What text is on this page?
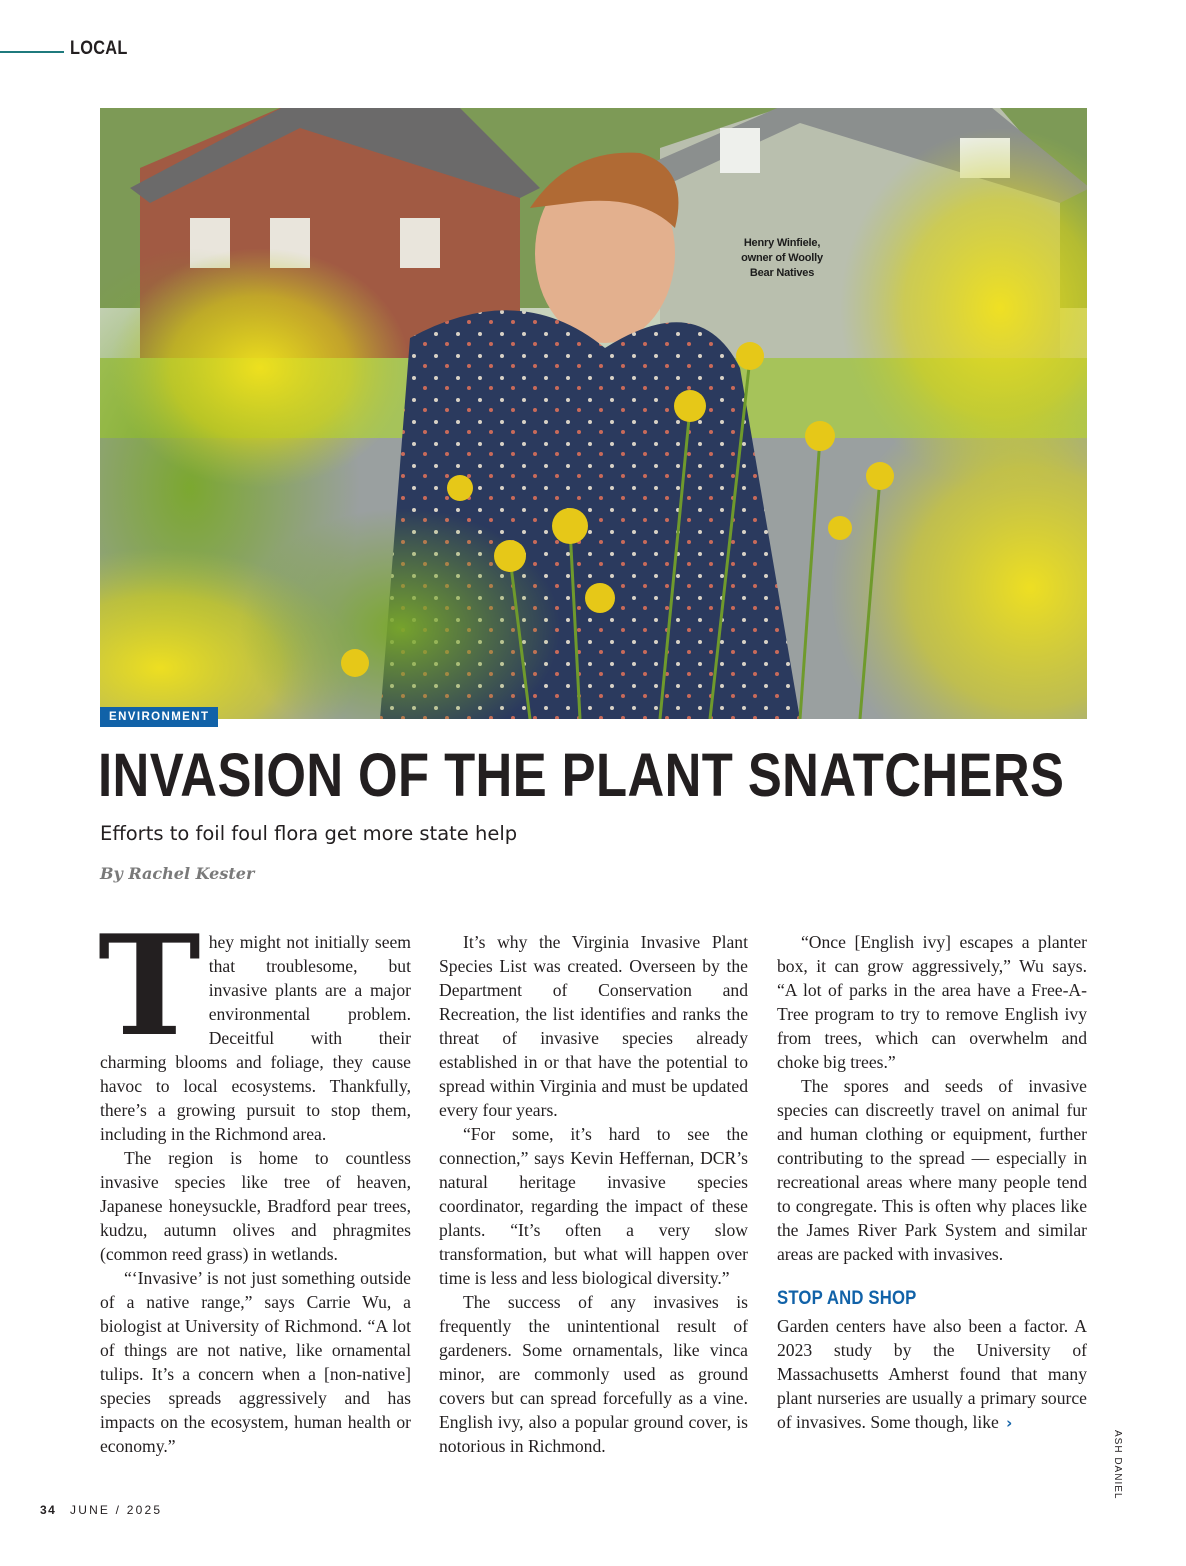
LOCAL
Henry Winfiele,
owner of Woolly
Bear Natives
ENVIRONMENT
INVASION OF THE PLANT SNATCHERS
Efforts to foil foul flora get more state help
By Rachel Kester

They might not initially seem that troublesome, but invasive plants are a major environmental problem. Deceitful with their charming blooms and foliage, they cause havoc to local ecosystems. Thankfully, there’s a growing pursuit to stop them, including in the Richmond area.

The region is home to countless invasive species like tree of heaven, Japanese honeysuckle, Bradford pear trees, kudzu, autumn olives and phragmites (common reed grass) in wetlands.

“‘Invasive’ is not just something outside of a native range,” says Carrie Wu, a biologist at University of Richmond. “A lot of things are not native, like ornamental tulips. It’s a concern when a [non-native] species spreads aggressively and has impacts on the ecosystem, human health or economy.”

It’s why the Virginia Invasive Plant Species List was created. Overseen by the Department of Conservation and Recreation, the list identifies and ranks the threat of invasive species already established in or that have the potential to spread within Virginia and must be updated every four years.

“For some, it’s hard to see the connection,” says Kevin Heffernan, DCR’s natural heritage invasive species coordinator, regarding the impact of these plants. “It’s often a very slow transformation, but what will happen over time is less and less biological diversity.”

The success of any invasives is frequently the unintentional result of gardeners. Some ornamentals, like vinca minor, are commonly used as ground covers but can spread forcefully as a vine. English ivy, also a popular ground cover, is notorious in Richmond.

“Once [English ivy] escapes a planter box, it can grow aggressively,” Wu says. “A lot of parks in the area have a Free-A-Tree program to try to remove English ivy from trees, which can overwhelm and choke big trees.”

The spores and seeds of invasive species can discreetly travel on animal fur and human clothing or equipment, further contributing to the spread — especially in recreational areas where many people tend to congregate. This is often why places like the James River Park System and similar areas are packed with invasives.

STOP AND SHOP

Garden centers have also been a factor. A 2023 study by the University of Massachusetts Amherst found that many plant nurseries are usually a primary source of invasives. Some though, like ›

ASH DANIEL
34 JUNE / 2025
